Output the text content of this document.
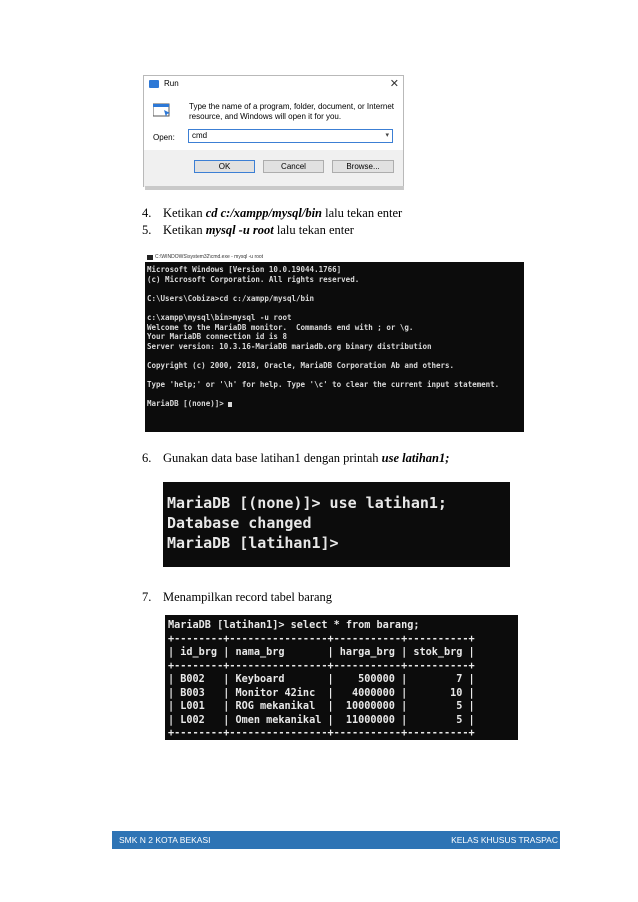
Run	✕
Type the name of a program, folder, document, or Internet resource, and Windows will open it for you.
Open:	cmd	▾
OK	Cancel	Browse...
4. Ketikan cd c:/xampp/mysql/bin lalu tekan enter
5. Ketikan mysql -u root lalu tekan enter
C:\WINDOWS\system32\cmd.exe - mysql -u root
Microsoft Windows [Version 10.0.19044.1766]
(c) Microsoft Corporation. All rights reserved.

C:\Users\Cobiza>cd c:/xampp/mysql/bin

c:\xampp\mysql\bin>mysql -u root
Welcome to the MariaDB monitor.  Commands end with ; or \g.
Your MariaDB connection id is 8
Server version: 10.3.16-MariaDB mariadb.org binary distribution

Copyright (c) 2000, 2018, Oracle, MariaDB Corporation Ab and others.

Type 'help;' or '\h' for help. Type '\c' to clear the current input statement.

MariaDB [(none)]>
6. Gunakan data base latihan1 dengan printah use latihan1;
MariaDB [(none)]> use latihan1;
Database changed
MariaDB [latihan1]>
7. Menampilkan record tabel barang
MariaDB [latihan1]> select * from barang;
+--------+----------------+-----------+----------+
| id_brg | nama_brg       | harga_brg | stok_brg |
+--------+----------------+-----------+----------+
| B002   | Keyboard       |    500000 |        7 |
| B003   | Monitor 42inc  |   4000000 |       10 |
| L001   | ROG mekanikal  |  10000000 |        5 |
| L002   | Omen mekanikal |  11000000 |        5 |
+--------+----------------+-----------+----------+
SMK N 2 KOTA BEKASI	KELAS KHUSUS TRASPAC
